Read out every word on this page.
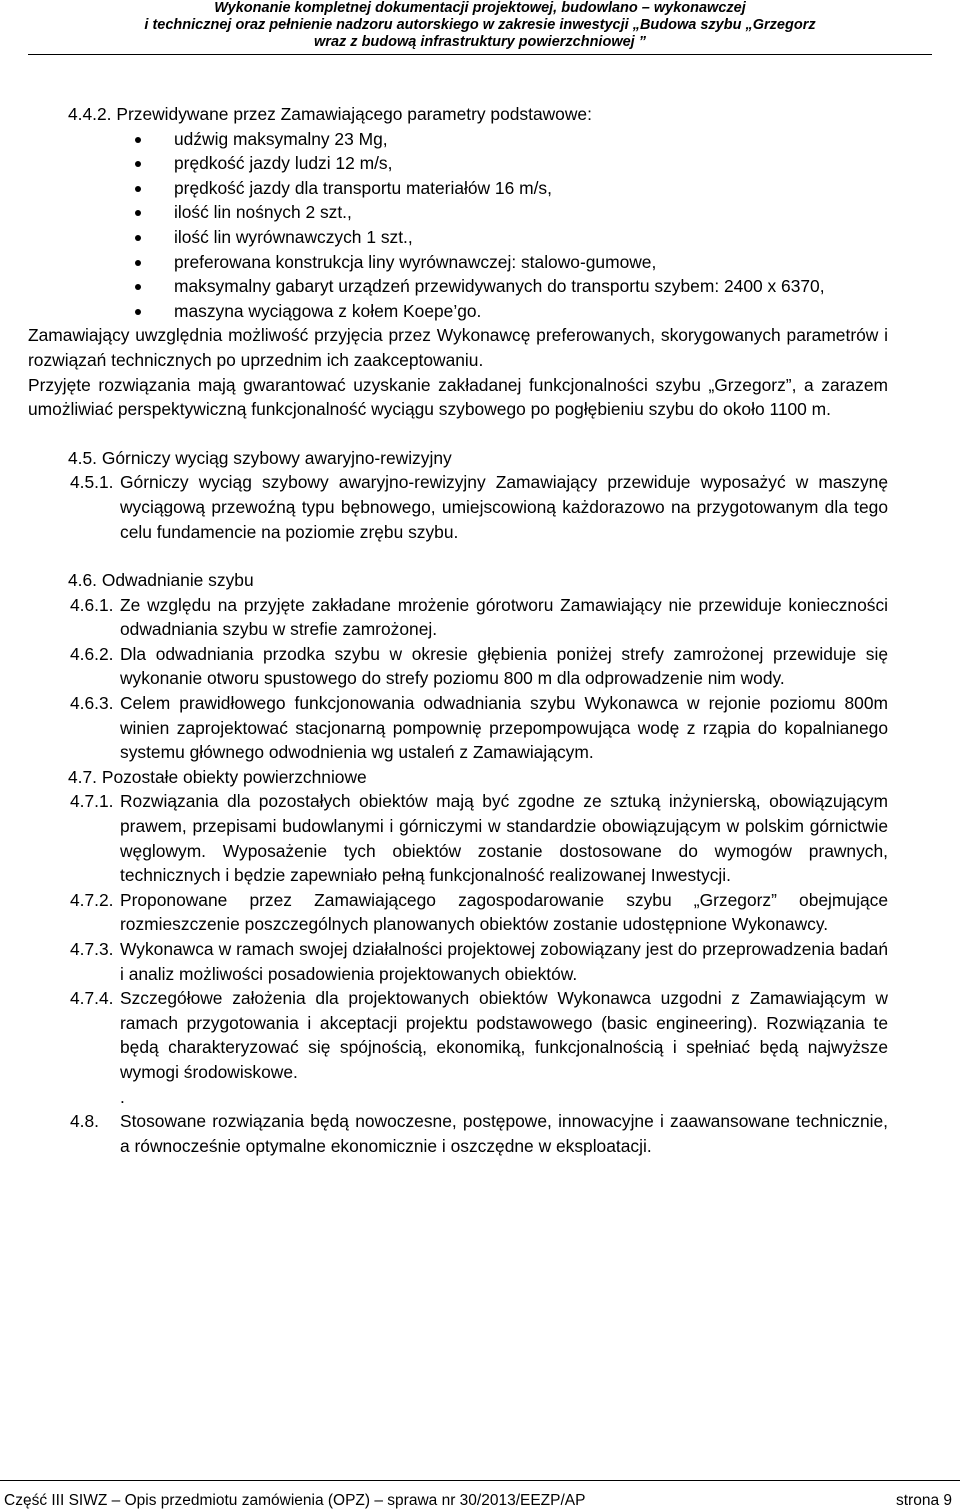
Wykonanie kompletnej dokumentacji projektowej, budowlano – wykonawczej
i technicznej oraz pełnienie nadzoru autorskiego w zakresie inwestycji „Budowa szybu „Grzegorz
wraz z budową infrastruktury powierzchniowej ”
4.4.2. Przewidywane przez Zamawiającego parametry podstawowe:
udźwig maksymalny 23 Mg,
prędkość jazdy ludzi 12 m/s,
prędkość jazdy dla transportu materiałów 16 m/s,
ilość lin nośnych 2 szt.,
ilość lin wyrównawczych 1 szt.,
preferowana konstrukcja liny wyrównawczej: stalowo-gumowe,
maksymalny gabaryt urządzeń przewidywanych do transportu szybem: 2400 x 6370,
maszyna wyciągowa z kołem Koepe’go.
Zamawiający uwzględnia możliwość przyjęcia przez Wykonawcę preferowanych, skorygowanych parametrów i rozwiązań technicznych po uprzednim ich zaakceptowaniu.
Przyjęte rozwiązania mają gwarantować uzyskanie zakładanej funkcjonalności szybu „Grzegorz”, a zarazem umożliwiać perspektywiczną funkcjonalność wyciągu szybowego po pogłębieniu szybu do około 1100 m.
4.5. Górniczy wyciąg szybowy awaryjno-rewizyjny
4.5.1. Górniczy wyciąg szybowy awaryjno-rewizyjny Zamawiający przewiduje wyposażyć w maszynę wyciągową przewoźną typu bębnowego, umiejscowioną każdorazowo na przygotowanym dla tego celu fundamencie na poziomie zrębu szybu.
4.6. Odwadnianie szybu
4.6.1. Ze względu na przyjęte zakładane mrożenie górotworu Zamawiający nie przewiduje konieczności odwadniania szybu w strefie zamrożonej.
4.6.2. Dla odwadniania przodka szybu w okresie głębienia poniżej strefy zamrożonej przewiduje się wykonanie otworu spustowego do strefy poziomu 800 m dla odprowadzenie nim wody.
4.6.3. Celem prawidłowego funkcjonowania odwadniania szybu Wykonawca w rejonie poziomu 800m winien zaprojektować stacjonarną pompownię przepompowująca wodę z rząpia do kopalnianego systemu głównego odwodnienia wg ustaleń z Zamawiającym.
4.7. Pozostałe obiekty powierzchniowe
4.7.1. Rozwiązania dla pozostałych obiektów mają być zgodne ze sztuką inżynierską, obowiązującym prawem, przepisami budowlanymi i górniczymi w standardzie obowiązującym w polskim górnictwie węglowym. Wyposażenie tych obiektów zostanie dostosowane do wymogów prawnych, technicznych i będzie zapewniało pełną funkcjonalność realizowanej Inwestycji.
4.7.2. Proponowane przez Zamawiającego zagospodarowanie szybu „Grzegorz” obejmujące rozmieszczenie poszczególnych planowanych obiektów zostanie udostępnione Wykonawcy.
4.7.3. Wykonawca w ramach swojej działalności projektowej zobowiązany jest do przeprowadzenia badań i analiz możliwości posadowienia projektowanych obiektów.
4.7.4. Szczegółowe założenia dla projektowanych obiektów Wykonawca uzgodni z Zamawiającym w ramach przygotowania i akceptacji projektu podstawowego (basic engineering). Rozwiązania te będą charakteryzować się spójnością, ekonomiką, funkcjonalnością i spełniać będą najwyższe wymogi środowiskowe.
.
4.8. Stosowane rozwiązania będą nowoczesne, postępowe, innowacyjne i zaawansowane technicznie, a równocześnie optymalne ekonomicznie i oszczędne w eksploatacji.
Część III SIWZ – Opis przedmiotu zamówienia (OPZ) – sprawa nr 30/2013/EEZP/AP	strona 9
